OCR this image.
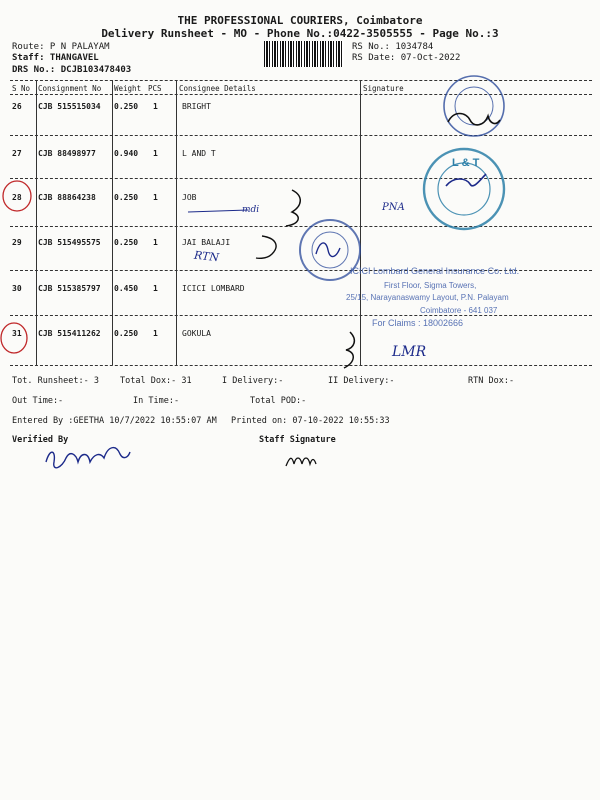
THE PROFESSIONAL COURIERS, Coimbatore
Delivery Runsheet - MO - Phone No.:0422-3505555 - Page No.:3
Route: P N PALAYAM
Staff: THANGAVEL
DRS No.: DCJB103478403
RS No.: 1034784
RS Date: 07-Oct-2022
S No Consignment No Weight PCS Consignee Details	Signature
26 CJB 515515034 0.250 1	BRIGHT
27 CJB 88498977 0.940 1	L AND T
28 CJB 88864238 0.250 1	JOB
29 CJB 515495575 0.250 1	JAI BALAJI
30 CJB 515385797 0.450 1	ICICI LOMBARD
31 CJB 515411262 0.250 1	GOKULA
Tot. Runsheet:- 3 Total Dox:- 31	I Delivery:-	II Delivery:-	RTN Dox:-
Out Time:-	In Time:-	Total POD:-
Entered By :GEETHA 10/7/2022 10:55:07 AM Printed on: 07-10-2022 10:55:33
Verified By	Staff Signature
RTN
PNA
LMR
mdi
L & T
ICICI Lombard General Insurance Co. Ltd.
First Floor, Sigma Towers,
25/15, Narayanaswamy Layout, P.N. Palayam
Coimbatore - 641 037
For Claims : 18002666
